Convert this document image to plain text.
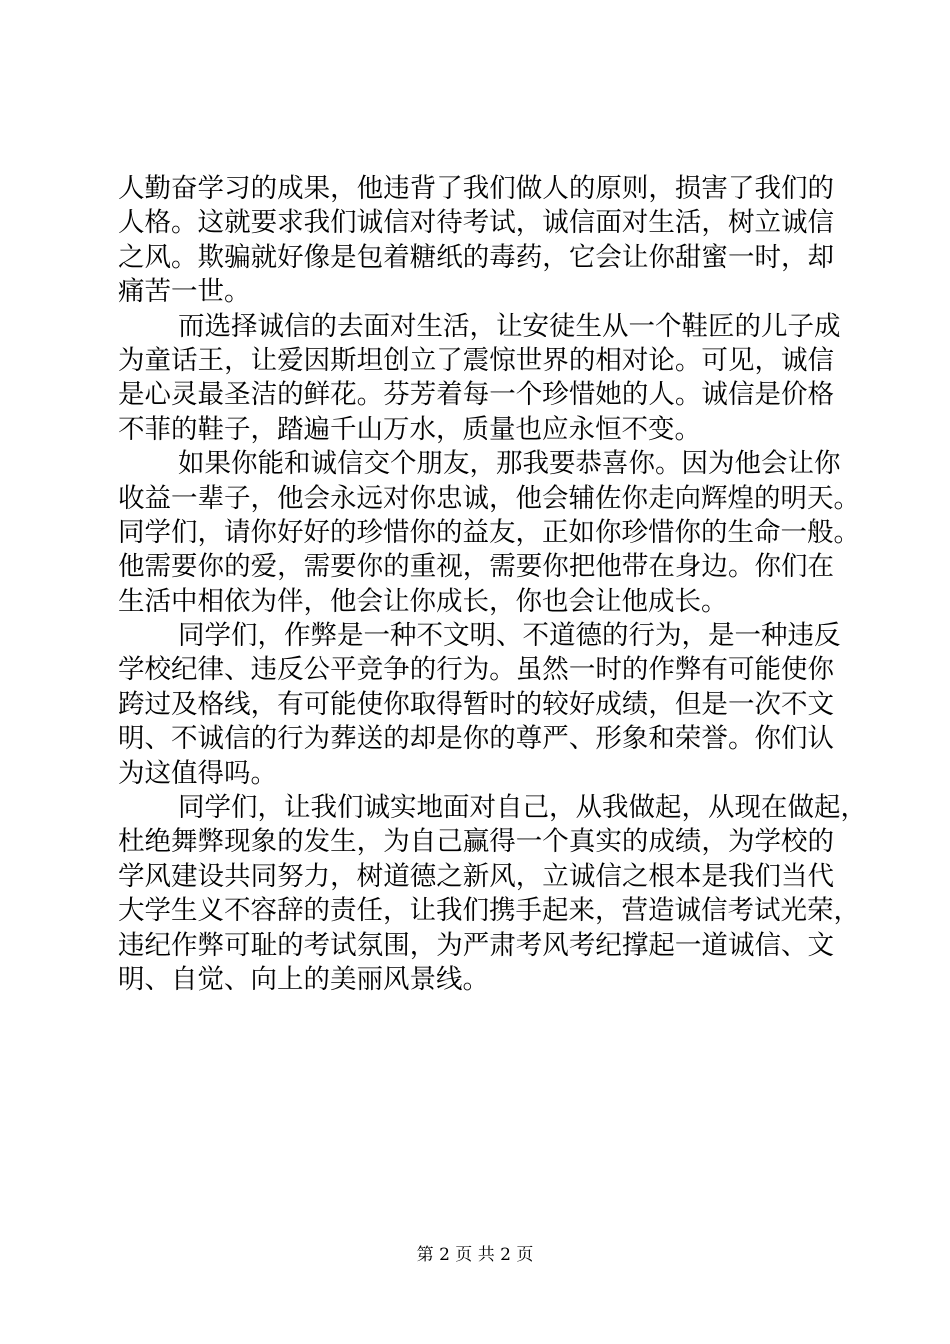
人勤奋学习的成果，他违背了我们做人的原则，损害了我们的
人格。这就要求我们诚信对待考试，诚信面对生活，树立诚信
之风。欺骗就好像是包着糖纸的毒药，它会让你甜蜜一时，却
痛苦一世。
而选择诚信的去面对生活，让安徒生从一个鞋匠的儿子成
为童话王，让爱因斯坦创立了震惊世界的相对论。可见，诚信
是心灵最圣洁的鲜花。芬芳着每一个珍惜她的人。诚信是价格
不菲的鞋子，踏遍千山万水，质量也应永恒不变。
如果你能和诚信交个朋友，那我要恭喜你。因为他会让你
收益一辈子，他会永远对你忠诚，他会辅佐你走向辉煌的明天。
同学们，请你好好的珍惜你的益友，正如你珍惜你的生命一般。
他需要你的爱，需要你的重视，需要你把他带在身边。你们在
生活中相依为伴，他会让你成长，你也会让他成长。
同学们，作弊是一种不文明、不道德的行为，是一种违反
学校纪律、违反公平竞争的行为。虽然一时的作弊有可能使你
跨过及格线，有可能使你取得暂时的较好成绩，但是一次不文
明、不诚信的行为葬送的却是你的尊严、形象和荣誉。你们认
为这值得吗。
同学们，让我们诚实地面对自己，从我做起，从现在做起，
杜绝舞弊现象的发生，为自己赢得一个真实的成绩，为学校的
学风建设共同努力，树道德之新风，立诚信之根本是我们当代
大学生义不容辞的责任，让我们携手起来，营造诚信考试光荣，
违纪作弊可耻的考试氛围，为严肃考风考纪撑起一道诚信、文
明、自觉、向上的美丽风景线。
第 2 页 共 2 页
